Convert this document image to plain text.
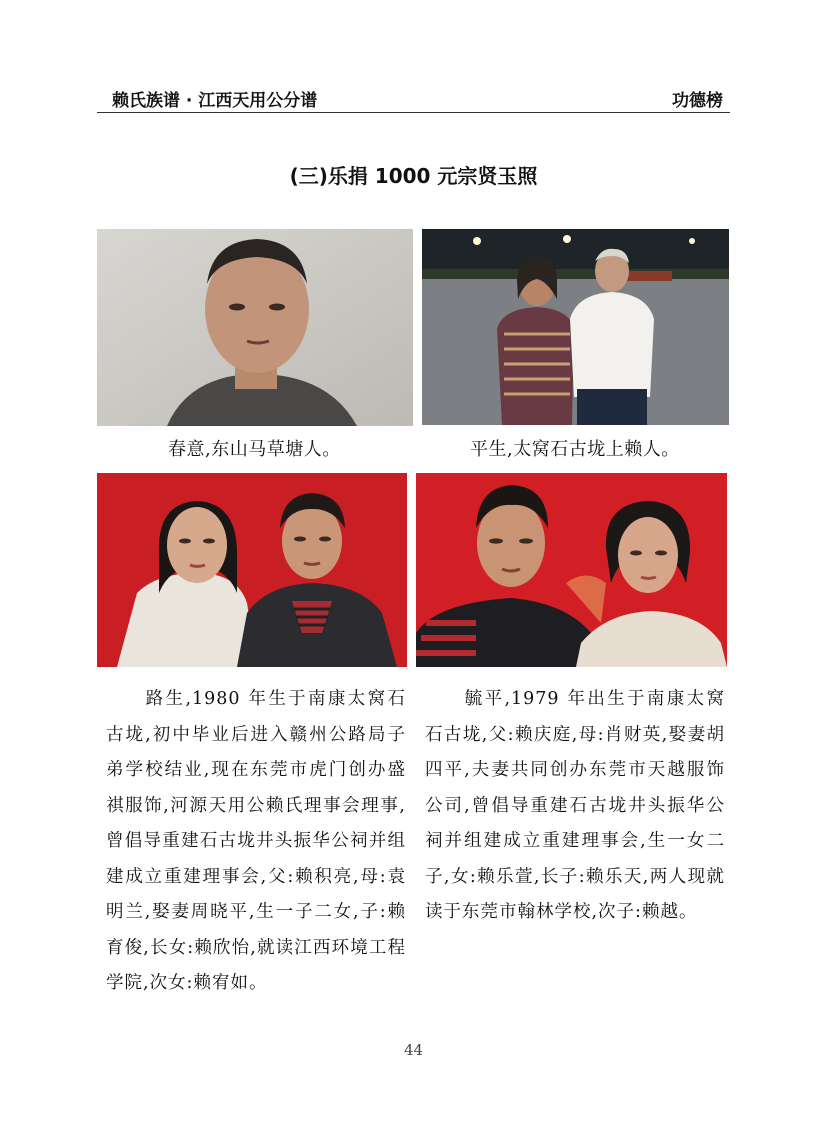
赖氏族谱 · 江西天用公分谱	功德榜
(三)乐捐 1000 元宗贤玉照
春意,东山马草塘人。	平生,太窝石古垅上赖人。

　　路生,1980 年生于南康太窝石古垅,初中毕业后进入赣州公路局子弟学校结业,现在东莞市虎门创办盛祺服饰,河源天用公赖氏理事会理事,曾倡导重建石古垅井头振华公祠并组建成立重建理事会,父:赖积亮,母:袁明兰,娶妻周晓平,生一子二女,子:赖育俊,长女:赖欣怡,就读江西环境工程学院,次女:赖宥如。

　　毓平,1979 年出生于南康太窝石古垅,父:赖庆庭,母:肖财英,娶妻胡四平,夫妻共同创办东莞市天越服饰公司,曾倡导重建石古垅井头振华公祠并组建成立重建理事会,生一女二子,女:赖乐萱,长子:赖乐天,两人现就读于东莞市翰林学校,次子:赖越。

44
